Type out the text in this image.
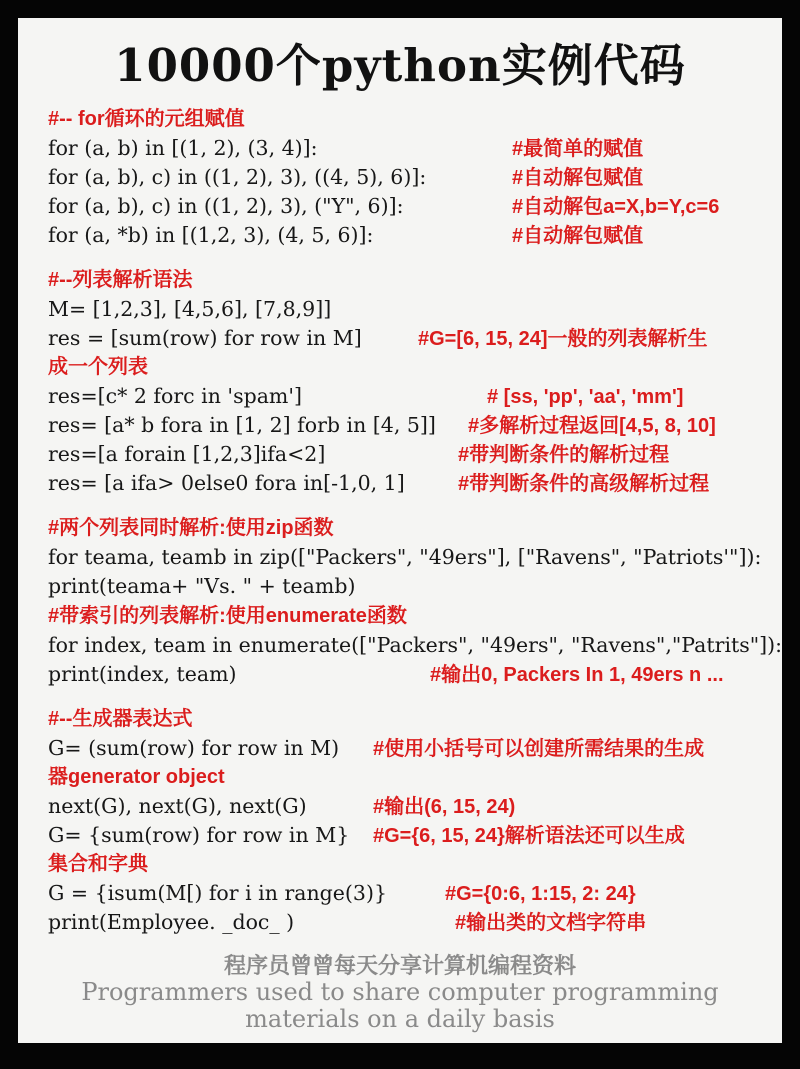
10000个python实例代码
#-- for循环的元组赋值
for (a, b) in [(1, 2), (3, 4)]:	#最简单的赋值
for (a, b), c) in ((1, 2), 3), ((4, 5), 6)]:	#自动解包赋值
for (a, b), c) in ((1, 2), 3), ("Y", 6)]:	#自动解包a=X,b=Y,c=6
for (a, *b) in [(1,2, 3), (4, 5, 6)]:	#自动解包赋值
#--列表解析语法
M= [1,2,3], [4,5,6], [7,8,9]]
res = [sum(row) for row in M]	#G=[6, 15, 24]一般的列表解析生
成一个列表
res=[c* 2 forc in 'spam']	# [ss, 'pp', 'aa', 'mm']
res= [a* b fora in [1, 2] forb in [4, 5]]	#多解析过程返回[4,5, 8, 10]
res=[a forain [1,2,3]ifa<2]	#带判断条件的解析过程
res= [a ifa> 0else0 fora in[-1,0, 1]	#带判断条件的高级解析过程
#两个列表同时解析:使用zip函数
for teama, teamb in zip(["Packers", "49ers"], ["Ravens", "Patriots'"]):
print(teama+ "Vs. " + teamb)
#带索引的列表解析:使用enumerate函数
for index, team in enumerate(["Packers", "49ers", "Ravens","Patrits"]):
print(index, team)	#输出0, Packers In 1, 49ers n ...
#--生成器表达式
G= (sum(row) for row in M)	#使用小括号可以创建所需结果的生成
器generator object
next(G), next(G), next(G)	#输出(6, 15, 24)
G= {sum(row) for row in M}	#G={6, 15, 24}解析语法还可以生成
集合和字典
G = {isum(M[) for i in range(3)}	#G={0:6, 1:15, 2: 24}
print(Employee. _doc_ )	#输出类的文档字符串
程序员曾曾每天分享计算机编程资料
Programmers used to share computer programming
materials on a daily basis
